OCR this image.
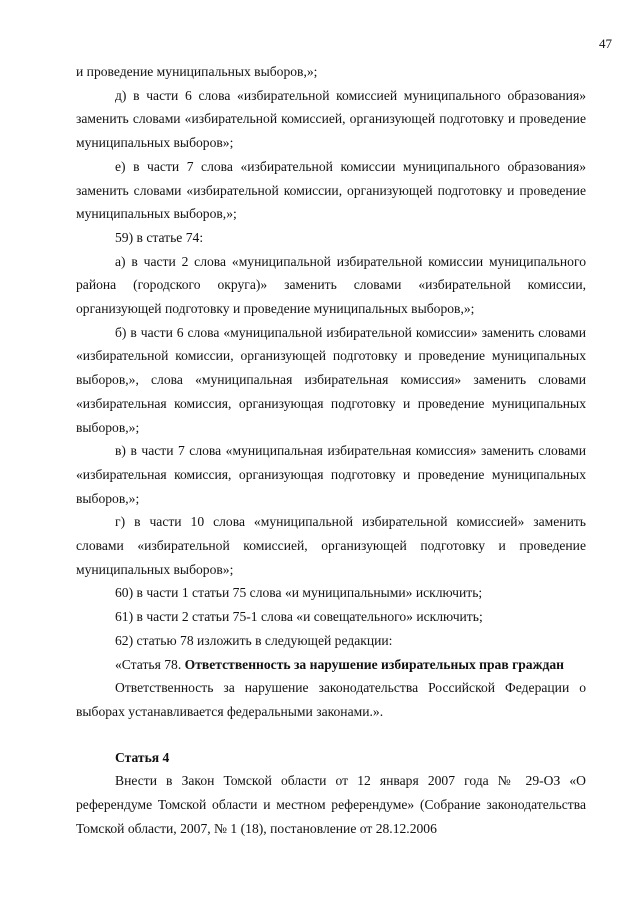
47

и проведение муниципальных выборов,»;

д) в части 6 слова «избирательной комиссией муниципального образования» заменить словами «избирательной комиссией, организующей подготовку и проведение муниципальных выборов»;

е) в части 7 слова «избирательной комиссии муниципального образования» заменить словами «избирательной комиссии, организующей подготовку и проведение муниципальных выборов,»;

59) в статье 74:

а) в части 2 слова «муниципальной избирательной комиссии муниципального района (городского округа)» заменить словами «избирательной комиссии, организующей подготовку и проведение муниципальных выборов,»;

б) в части 6 слова «муниципальной избирательной комиссии» заменить словами «избирательной комиссии, организующей подготовку и проведение муниципальных выборов,», слова «муниципальная избирательная комиссия» заменить словами «избирательная комиссия, организующая подготовку и проведение муниципальных выборов,»;

в) в части 7 слова «муниципальная избирательная комиссия» заменить словами «избирательная комиссия, организующая подготовку и проведение муниципальных выборов,»;

г) в части 10 слова «муниципальной избирательной комиссией» заменить словами «избирательной комиссией, организующей подготовку и проведение муниципальных выборов»;

60) в части 1 статьи 75 слова «и муниципальными» исключить;

61) в части 2 статьи 75-1 слова «и совещательного» исключить;

62) статью 78 изложить в следующей редакции:

«Статья 78. Ответственность за нарушение избирательных прав граждан

Ответственность за нарушение законодательства Российской Федерации о выборах устанавливается федеральными законами.».

Статья 4

Внести в Закон Томской области от 12 января 2007 года № 29-ОЗ «О референдуме Томской области и местном референдуме» (Собрание законодательства Томской области, 2007, № 1 (18), постановление от 28.12.2006
